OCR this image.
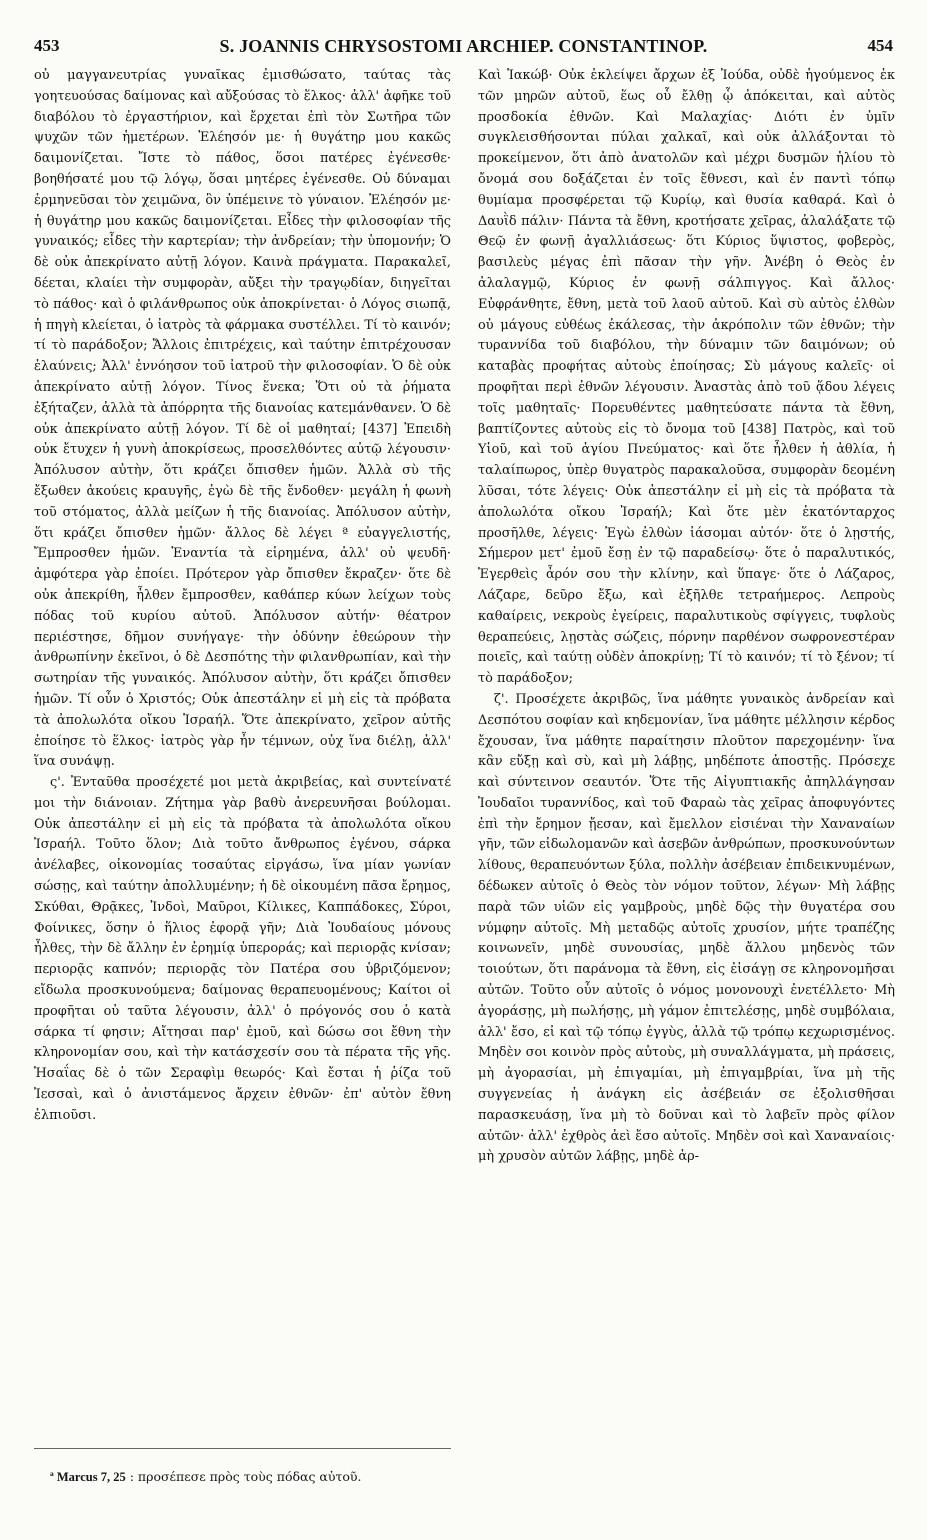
453	S. JOANNIS CHRYSOSTOMI ARCHIEP. CONSTANTINOP.	454

οὐ μαγγανευτρίας γυναῖκας ἐμισθώσατο, ταύτας τὰς γοητευούσας δαίμονας καὶ αὔξούσας τὸ ἕλκος· ἀλλ' ἀφῆκε τοῦ διαβόλου τὸ ἐργαστήριον, καὶ ἔρχεται ἐπὶ τὸν Σωτῆρα τῶν ψυχῶν τῶν ἡμετέρων. Ἐλέησόν με· ἡ θυγάτηρ μου κακῶς δαιμονίζεται. Ἴστε τὸ πάθος, ὅσοι πατέρες ἐγένεσθε· βοηθήσατέ μου τῷ λόγῳ, ὅσαι μητέρες ἐγένεσθε. Οὐ δύναμαι ἑρμηνεῦσαι τὸν χειμῶνα, ὃν ὑπέμεινε τὸ γύναιον. Ἐλέησόν με· ἡ θυγάτηρ μου κακῶς δαιμονίζεται. Εἶδες τὴν φιλοσοφίαν τῆς γυναικός; εἶδες τὴν καρτερίαν; τὴν ἀνδρείαν; τὴν ὑπομονήν; Ὁ δὲ οὐκ ἀπεκρίνατο αὐτῇ λόγον. Καινὰ πράγματα. Παρακαλεῖ, δέεται, κλαίει τὴν συμφορὰν, αὔξει τὴν τραγῳδίαν, διηγεῖται τὸ πάθος· καὶ ὁ φιλάνθρωπος οὐκ ἀποκρίνεται· ὁ Λόγος σιωπᾷ, ἡ πηγὴ κλείεται, ὁ ἰατρὸς τὰ φάρμακα συστέλλει. Τί τὸ καινόν; τί τὸ παράδοξον; Ἄλλοις ἐπιτρέχεις, καὶ ταύτην ἐπιτρέχουσαν ἐλαύνεις; Ἀλλ' ἐννόησον τοῦ ἰατροῦ τὴν φιλοσοφίαν. Ὁ δὲ οὐκ ἀπεκρίνατο αὐτῇ λόγον. Τίνος ἕνεκα; Ὅτι οὐ τὰ ῥήματα ἐξήταζεν, ἀλλὰ τὰ ἀπόρρητα τῆς διανοίας κατεμάνθανεν. Ὁ δὲ οὐκ ἀπεκρίνατο αὐτῇ λόγον. Τί δὲ οἱ μαθηταί; [437] Ἐπειδὴ οὐκ ἔτυχεν ἡ γυνὴ ἀποκρίσεως, προσελθόντες αὐτῷ λέγουσιν· Ἀπόλυσον αὐτὴν, ὅτι κράζει ὄπισθεν ἡμῶν. Ἀλλὰ σὺ τῆς ἔξωθεν ἀκούεις κραυγῆς, ἐγὼ δὲ τῆς ἔνδοθεν· μεγάλη ἡ φωνὴ τοῦ στόματος, ἀλλὰ μείζων ἡ τῆς διανοίας. Ἀπόλυσον αὐτὴν, ὅτι κράζει ὄπισθεν ἡμῶν· ἄλλος δὲ λέγει ª εὐαγγελιστής, Ἔμπροσθεν ἡμῶν. Ἐναντία τὰ εἰρημένα, ἀλλ' οὐ ψευδῆ· ἀμφότερα γὰρ ἐποίει. Πρότερον γὰρ ὄπισθεν ἔκραζεν· ὅτε δὲ οὐκ ἀπεκρίθη, ἦλθεν ἔμπροσθεν, καθάπερ κύων λείχων τοὺς πόδας τοῦ κυρίου αὐτοῦ. Ἀπόλυσον αὐτήν· θέατρον περιέστησε, δῆμον συνήγαγε· τὴν ὀδύνην ἐθεώρουν τὴν ἀνθρωπίνην ἐκεῖνοι, ὁ δὲ Δεσπότης τὴν φιλανθρωπίαν, καὶ τὴν σωτηρίαν τῆς γυναικός. Ἀπόλυσον αὐτὴν, ὅτι κράζει ὄπισθεν ἡμῶν. Τί οὖν ὁ Χριστός; Οὐκ ἀπεστάλην εἰ μὴ εἰς τὰ πρόβατα τὰ ἀπολωλότα οἴκου Ἰσραήλ. Ὅτε ἀπεκρίνατο, χεῖρον αὐτῆς ἐποίησε τὸ ἕλκος· ἰατρὸς γὰρ ἦν τέμνων, οὐχ ἵνα διέλῃ, ἀλλ' ἵνα συνάψῃ.

ς'. Ἐνταῦθα προσέχετέ μοι μετὰ ἀκριβείας, καὶ συντείνατέ μοι τὴν διάνοιαν. Ζήτημα γὰρ βαθὺ ἀνερευνῆσαι βούλομαι. Οὐκ ἀπεστάλην εἰ μὴ εἰς τὰ πρόβατα τὰ ἀπολωλότα οἴκου Ἰσραήλ. Τοῦτο ὅλον; Διὰ τοῦτο ἄνθρωπος ἐγένου, σάρκα ἀνέλαβες, οἰκονομίας τοσαύτας εἰργάσω, ἵνα μίαν γωνίαν σώσῃς, καὶ ταύτην ἀπολλυμένην; ἡ δὲ οἰκουμένη πᾶσα ἔρημος, Σκύθαι, Θρᾷκες, Ἰνδοὶ, Μαῦροι, Κίλικες, Καππάδοκες, Σύροι, Φοίνικες, ὅσην ὁ ἥλιος ἐφορᾷ γῆν; Διὰ Ἰουδαίους μόνους ἦλθες, τὴν δὲ ἄλλην ἐν ἐρημίᾳ ὑπεροράς; καὶ περιορᾷς κνίσαν; περιορᾷς καπνόν; περιορᾷς τὸν Πατέρα σου ὑβριζόμενον; εἴδωλα προσκυνούμενα; δαίμονας θεραπευομένους; Καίτοι οἱ προφῆται οὐ ταῦτα λέγουσιν, ἀλλ' ὁ πρόγονός σου ὁ κατὰ σάρκα τί φησιν; Αἴτησαι παρ' ἐμοῦ, καὶ δώσω σοι ἔθνη τὴν κληρονομίαν σου, καὶ τὴν κατάσχεσίν σου τὰ πέρατα τῆς γῆς. Ἡσαΐας δὲ ὁ τῶν Σεραφὶμ θεωρός· Καὶ ἔσται ἡ ῥίζα τοῦ Ἰεσσαὶ, καὶ ὁ ἀνιστάμενος ἄρχειν ἐθνῶν· ἐπ' αὐτὸν ἔθνη ἐλπιοῦσι.

ª Marcus 7, 25 : προσέπεσε πρὸς τοὺς πόδας αὐτοῦ.

Καὶ Ἰακώβ· Οὐκ ἐκλείψει ἄρχων ἐξ Ἰούδα, οὐδὲ ἡγούμενος ἐκ τῶν μηρῶν αὐτοῦ, ἕως οὗ ἔλθῃ ᾧ ἀπόκειται, καὶ αὐτὸς προσδοκία ἐθνῶν. Καὶ Μαλαχίας· Διότι ἐν ὑμῖν συγκλεισθήσονται πύλαι χαλκαῖ, καὶ οὐκ ἀλλάξονται τὸ προκείμενον, ὅτι ἀπὸ ἀνατολῶν καὶ μέχρι δυσμῶν ἡλίου τὸ ὄνομά σου δοξάζεται ἐν τοῖς ἔθνεσι, καὶ ἐν παντὶ τόπῳ θυμίαμα προσφέρεται τῷ Κυρίῳ, καὶ θυσία καθαρά. Καὶ ὁ Δαυῒδ πάλιν· Πάντα τὰ ἔθνη, κροτήσατε χεῖρας, ἀλαλάξατε τῷ Θεῷ ἐν φωνῇ ἀγαλλιάσεως· ὅτι Κύριος ὕψιστος, φοβερὸς, βασιλεὺς μέγας ἐπὶ πᾶσαν τὴν γῆν. Ἀνέβη ὁ Θεὸς ἐν ἀλαλαγμῷ, Κύριος ἐν φωνῇ σάλπιγγος. Καὶ ἄλλος· Εὐφράνθητε, ἔθνη, μετὰ τοῦ λαοῦ αὐτοῦ. Καὶ σὺ αὐτὸς ἐλθὼν οὐ μάγους εὐθέως ἐκάλεσας, τὴν ἀκρόπολιν τῶν ἐθνῶν; τὴν τυραννίδα τοῦ διαβόλου, τὴν δύναμιν τῶν δαιμόνων; οὐ καταβὰς προφήτας αὐτοὺς ἐποίησας; Σὺ μάγους καλεῖς· οἱ προφῆται περὶ ἐθνῶν λέγουσιν. Ἀναστὰς ἀπὸ τοῦ ᾅδου λέγεις τοῖς μαθηταῖς· Πορευθέντες μαθητεύσατε πάντα τὰ ἔθνη, βαπτίζοντες αὐτοὺς εἰς τὸ ὄνομα τοῦ [438] Πατρὸς, καὶ τοῦ Υἱοῦ, καὶ τοῦ ἁγίου Πνεύματος· καὶ ὅτε ἦλθεν ἡ ἀθλία, ἡ ταλαίπωρος, ὑπὲρ θυγατρὸς παρακαλοῦσα, συμφορὰν δεομένη λῦσαι, τότε λέγεις· Οὐκ ἀπεστάλην εἰ μὴ εἰς τὰ πρόβατα τὰ ἀπολωλότα οἴκου Ἰσραήλ; Καὶ ὅτε μὲν ἑκατόνταρχος προσῆλθε, λέγεις· Ἐγὼ ἐλθὼν ἰάσομαι αὐτόν· ὅτε ὁ λῃστής, Σήμερον μετ' ἐμοῦ ἔσῃ ἐν τῷ παραδείσῳ· ὅτε ὁ παραλυτικός, Ἐγερθεὶς ἆρόν σου τὴν κλίνην, καὶ ὕπαγε· ὅτε ὁ Λάζαρος, Λάζαρε, δεῦρο ἔξω, καὶ ἐξῆλθε τετραήμερος. Λεπροὺς καθαίρεις, νεκροὺς ἐγείρεις, παραλυτικοὺς σφίγγεις, τυφλοὺς θεραπεύεις, λῃστὰς σώζεις, πόρνην παρθένον σωφρονεστέραν ποιεῖς, καὶ ταύτῃ οὐδὲν ἀποκρίνῃ; Τί τὸ καινόν; τί τὸ ξένον; τί τὸ παράδοξον;

ζ'. Προσέχετε ἀκριβῶς, ἵνα μάθητε γυναικὸς ἀνδρείαν καὶ Δεσπότου σοφίαν καὶ κηδεμονίαν, ἵνα μάθητε μέλλησιν κέρδος ἔχουσαν, ἵνα μάθητε παραίτησιν πλοῦτον παρεχομένην· ἵνα κἂν εὔξῃ καὶ σὺ, καὶ μὴ λάβῃς, μηδέποτε ἀποστῇς. Πρόσεχε καὶ σύντεινον σεαυτόν. Ὅτε τῆς Αἰγυπτιακῆς ἀπηλλάγησαν Ἰουδαῖοι τυραννίδος, καὶ τοῦ Φαραὼ τὰς χεῖρας ἀποφυγόντες ἐπὶ τὴν ἔρημον ᾔεσαν, καὶ ἔμελλον εἰσιέναι τὴν Χαναναίων γῆν, τῶν εἰδωλομανῶν καὶ ἀσεβῶν ἀνθρώπων, προσκυνούντων λίθους, θεραπευόντων ξύλα, πολλὴν ἀσέβειαν ἐπιδεικνυμένων, δέδωκεν αὐτοῖς ὁ Θεὸς τὸν νόμον τοῦτον, λέγων· Μὴ λάβῃς παρὰ τῶν υἱῶν εἰς γαμβροὺς, μηδὲ δῷς τὴν θυγατέρα σου νύμφην αὐτοῖς. Μὴ μεταδῷς αὐτοῖς χρυσίον, μήτε τραπέζης κοινωνεῖν, μηδὲ συνουσίας, μηδὲ ἄλλου μηδενὸς τῶν τοιούτων, ὅτι παράνομα τὰ ἔθνη, εἰς ἐἰσάγῃ σε κληρονομῆσαι αὐτῶν. Τοῦτο οὖν αὐτοῖς ὁ νόμος μονονουχὶ ἐνετέλλετο· Μὴ ἀγοράσῃς, μὴ πωλήσῃς, μὴ γάμον ἐπιτελέσῃς, μηδὲ συμβόλαια, ἀλλ' ἔσο, εἰ καὶ τῷ τόπῳ ἐγγὺς, ἀλλὰ τῷ τρόπῳ κεχωρισμένος. Μηδὲν σοι κοινὸν πρὸς αὐτοὺς, μὴ συναλλάγματα, μὴ πράσεις, μὴ ἀγορασίαι, μὴ ἐπιγαμίαι, μὴ ἐπιγαμβρίαι, ἵνα μὴ τῆς συγγενείας ἡ ἀνάγκη εἰς ἀσέβειάν σε ἐξολισθῆσαι παρασκευάσῃ, ἵνα μὴ τὸ δοῦναι καὶ τὸ λαβεῖν πρὸς φίλον αὐτῶν· ἀλλ' ἐχθρὸς ἀεὶ ἔσο αὐτοῖς. Μηδὲν σοὶ καὶ Χαναναίοις· μὴ χρυσὸν αὐτῶν λάβῃς, μηδὲ ἀρ-
